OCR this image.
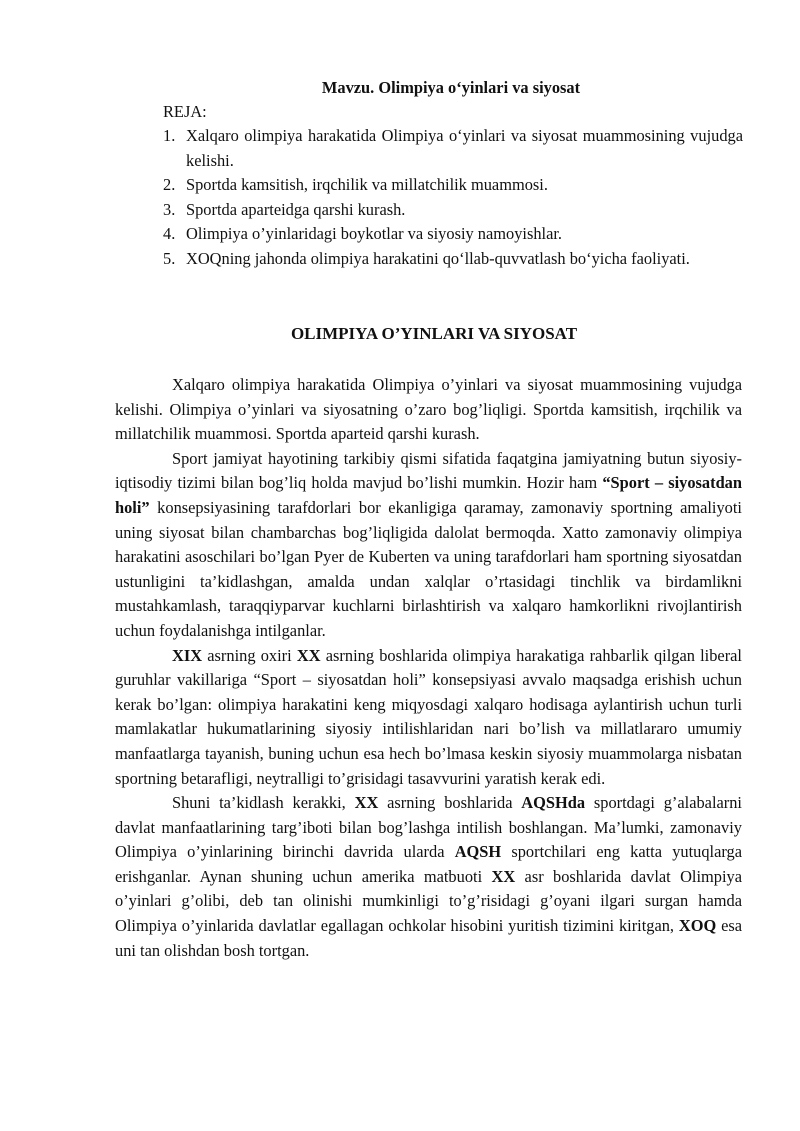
Mavzu. Olimpiya o‘yinlari va siyosat
REJA:
1. Xalqaro olimpiya harakatida Olimpiya o‘yinlari va siyosat muammosining vujudga kelishi.
2. Sportda kamsitish, irqchilik va millatchilik muammosi.
3. Sportda aparteidga qarshi kurash.
4. Olimpiya o’yinlaridagi boykotlar va siyosiy namoyishlar.
5. XOQning jahonda olimpiya harakatini qo‘llab-quvvatlash bo‘yicha faoliyati.
OLIMPIYA O’YINLARI VA SIYOSAT

Xalqaro olimpiya harakatida Olimpiya o’yinlari va siyosat muammosining vujudga kelishi. Olimpiya o’yinlari va siyosatning o’zaro bog’liqligi. Sportda kamsitish, irqchilik va millatchilik muammosi. Sportda aparteid qarshi kurash.

Sport jamiyat hayotining tarkibiy qismi sifatida faqatgina jamiyatning butun siyosiy-iqtisodiy tizimi bilan bog’liq holda mavjud bo’lishi mumkin. Hozir ham “Sport – siyosatdan holi” konsepsiyasining tarafdorlari bor ekanligiga qaramay, zamonaviy sportning amaliyoti uning siyosat bilan chambarchas bog’liqligida dalolat bermoqda. Xatto zamonaviy olimpiya harakatini asoschilari bo’lgan Pyer de Kuberten va uning tarafdorlari ham sportning siyosatdan ustunligini ta’kidlashgan, amalda undan xalqlar o’rtasidagi tinchlik va birdamlikni mustahkamlash, taraqqiyparvar kuchlarni birlashtirish va xalqaro hamkorlikni rivojlantirish uchun foydalanishga intilganlar.

XIX asrning oxiri XX asrning boshlarida olimpiya harakatiga rahbarlik qilgan liberal guruhlar vakillariga “Sport – siyosatdan holi” konsepsiyasi avvalo maqsadga erishish uchun kerak bo’lgan: olimpiya harakatini keng miqyosdagi xalqaro hodisaga aylantirish uchun turli mamlakatlar hukumatlarining siyosiy intilishlaridan nari bo’lish va millatlararo umumiy manfaatlarga tayanish, buning uchun esa hech bo’lmasa keskin siyosiy muammolarga nisbatan sportning betarafligi, neytralligi to’grisidagi tasavvurini yaratish kerak edi.

Shuni ta’kidlash kerakki, XX asrning boshlarida AQSHda sportdagi g’alabalarni davlat manfaatlarining targ’iboti bilan bog’lashga intilish boshlangan. Ma’lumki, zamonaviy Olimpiya o’yinlarining birinchi davrida ularda AQSH sportchilari eng katta yutuqlarga erishganlar. Aynan shuning uchun amerika matbuoti XX asr boshlarida davlat Olimpiya o’yinlari g’olibi, deb tan olinishi mumkinligi to’g’risidagi g’oyani ilgari surgan hamda Olimpiya o’yinlarida davlatlar egallagan ochkolar hisobini yuritish tizimini kiritgan, XOQ esa uni tan olishdan bosh tortgan.
